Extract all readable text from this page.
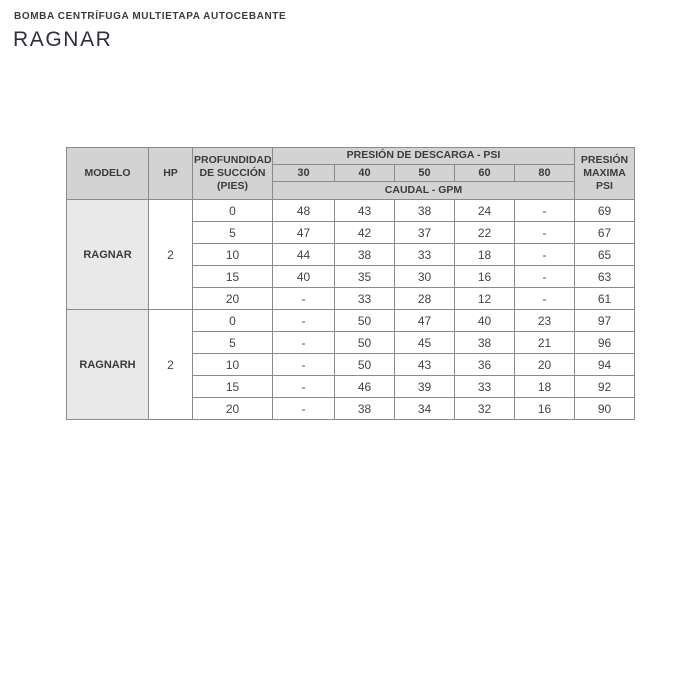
BOMBA CENTRÍFUGA MULTIETAPA AUTOCEBANTE
RAGNAR
MODELO	HP	PROFUNDIDAD DE SUCCIÓN (PIES)	PRESIÓN DE DESCARGA - PSI					PRESIÓN MAXIMA PSI
			30	40	50	60	80	
			CAUDAL - GPM					
RAGNAR	2	0	48	43	38	24	-	69
		5	47	42	37	22	-	67
		10	44	38	33	18	-	65
		15	40	35	30	16	-	63
		20	-	33	28	12	-	61
RAGNARH	2	0	-	50	47	40	23	97
		5	-	50	45	38	21	96
		10	-	50	43	36	20	94
		15	-	46	39	33	18	92
		20	-	38	34	32	16	90
